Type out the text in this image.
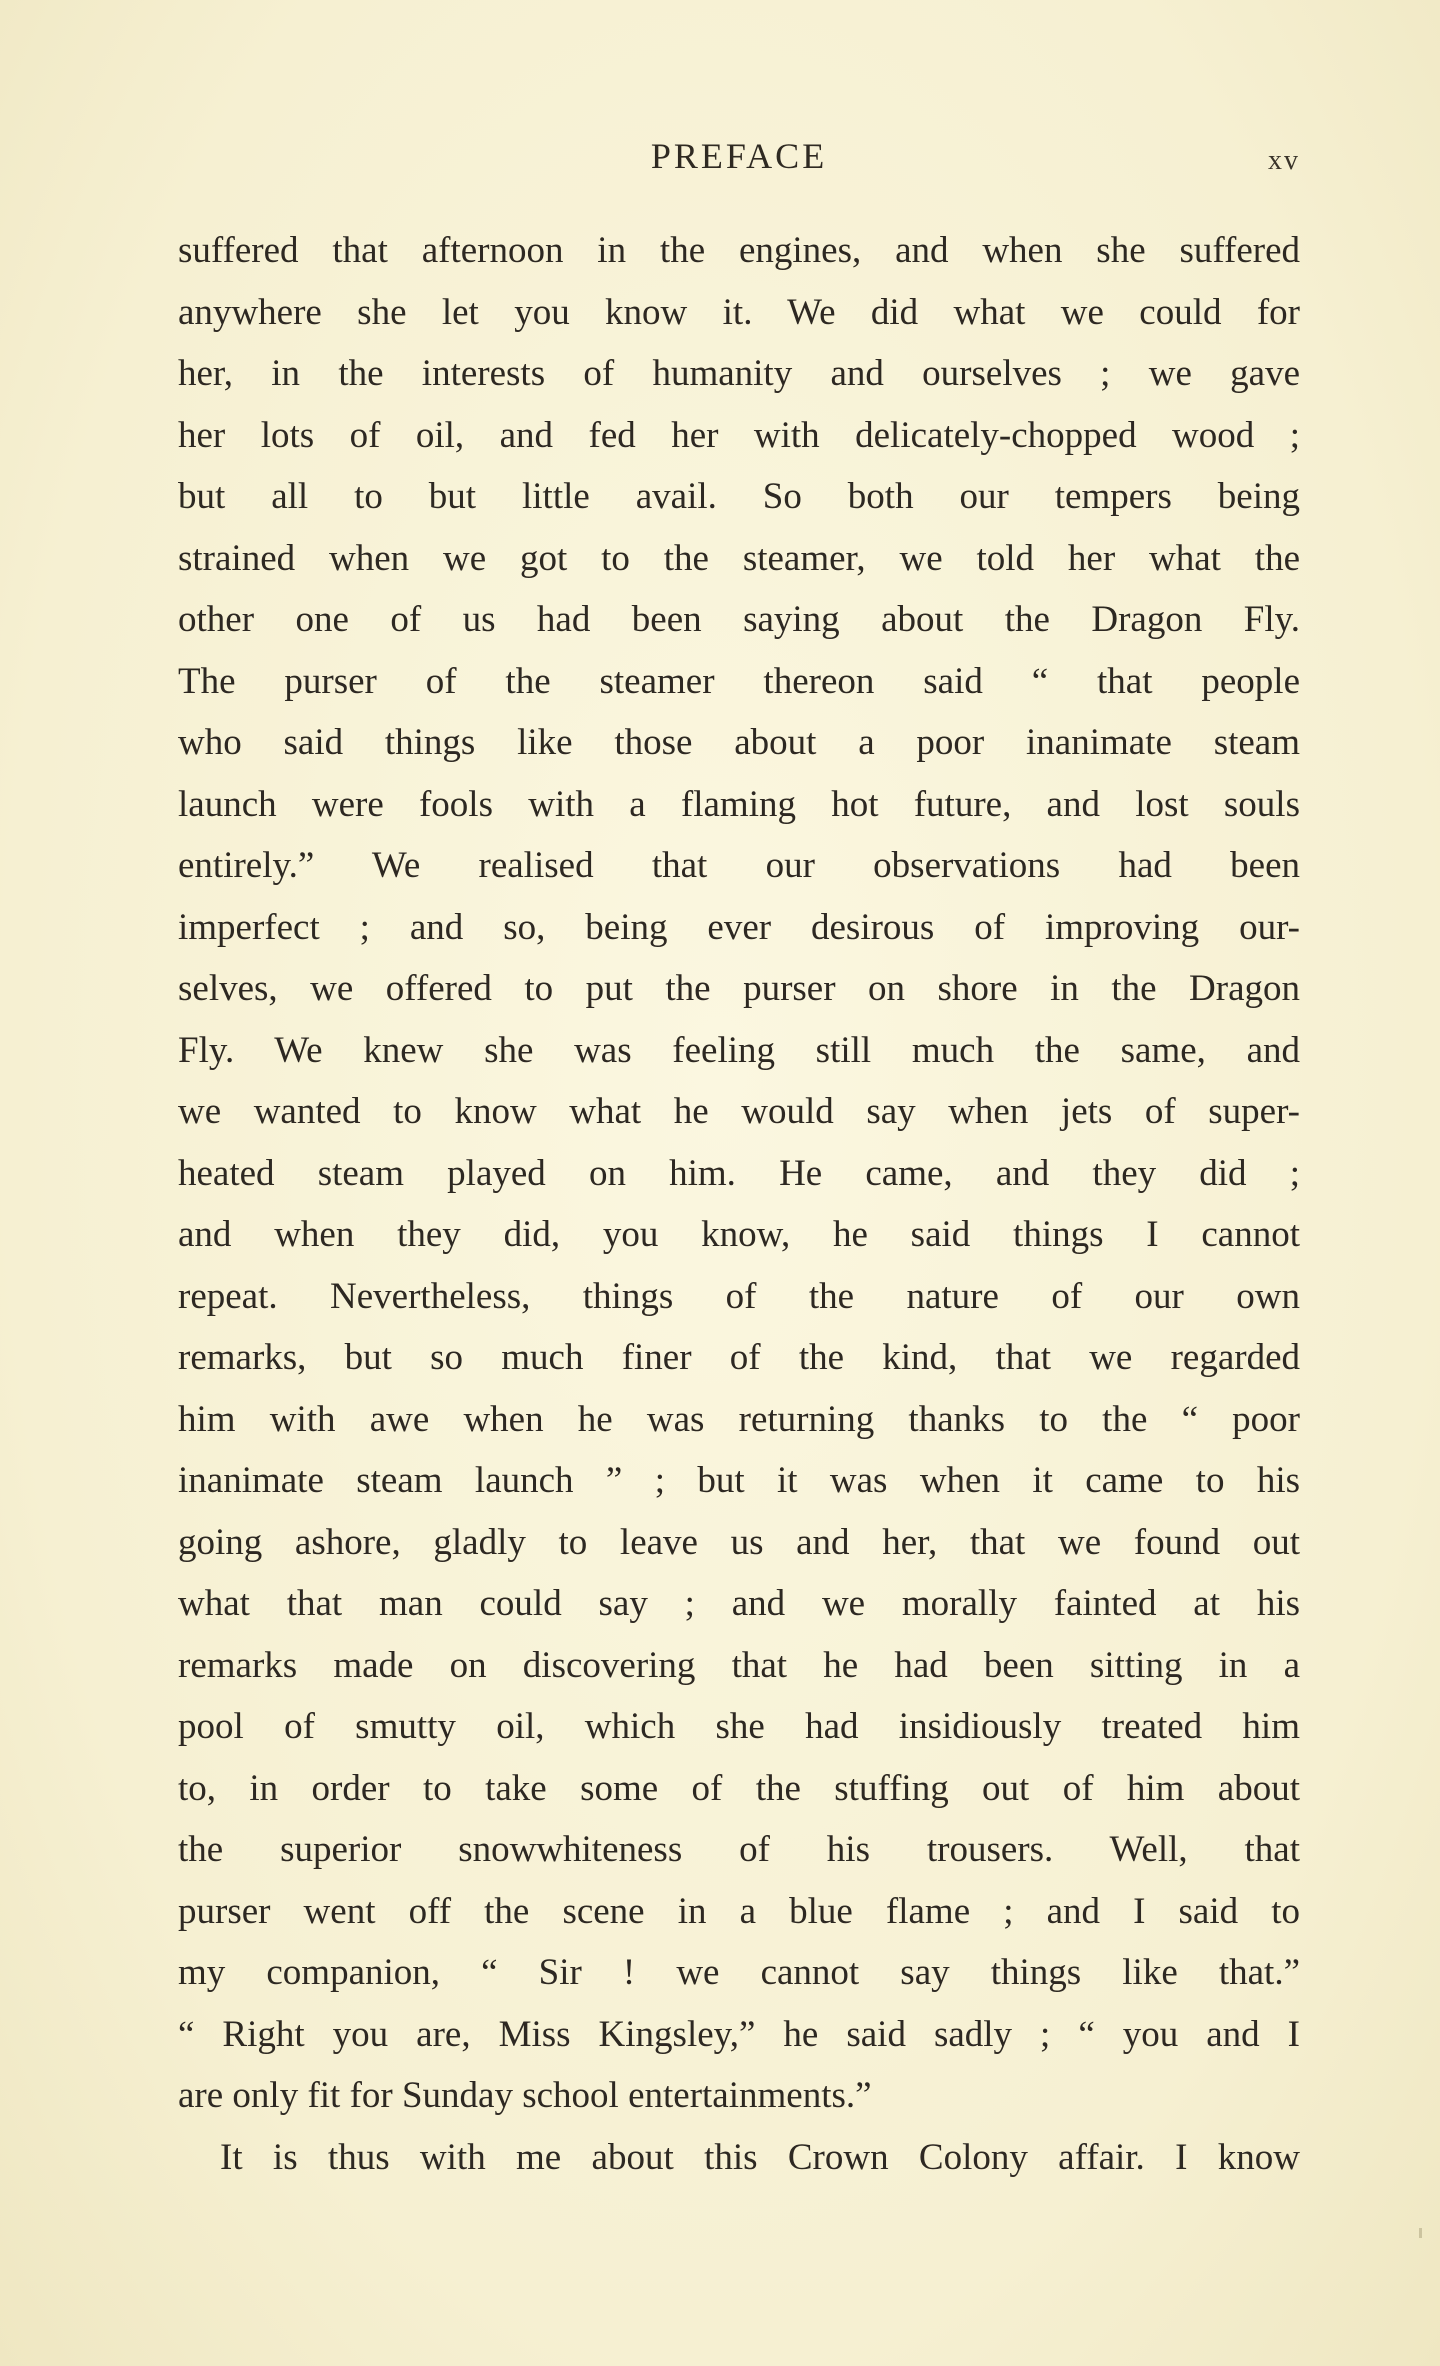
PREFACE	xv
suffered that afternoon in the engines, and when she suffered
anywhere she let you know it. We did what we could for
her, in the interests of humanity and ourselves ; we gave
her lots of oil, and fed her with delicately-chopped wood ;
but all to but little avail. So both our tempers being
strained when we got to the steamer, we told her what the
other one of us had been saying about the Dragon Fly.
The purser of the steamer thereon said “ that people
who said things like those about a poor inanimate steam
launch were fools with a flaming hot future, and lost souls
entirely.” We realised that our observations had been
imperfect ; and so, being ever desirous of improving our-
selves, we offered to put the purser on shore in the Dragon
Fly. We knew she was feeling still much the same, and
we wanted to know what he would say when jets of super-
heated steam played on him. He came, and they did ;
and when they did, you know, he said things I cannot
repeat. Nevertheless, things of the nature of our own
remarks, but so much finer of the kind, that we regarded
him with awe when he was returning thanks to the “ poor
inanimate steam launch ” ; but it was when it came to his
going ashore, gladly to leave us and her, that we found out
what that man could say ; and we morally fainted at his
remarks made on discovering that he had been sitting in a
pool of smutty oil, which she had insidiously treated him
to, in order to take some of the stuffing out of him about
the superior snowwhiteness of his trousers. Well, that
purser went off the scene in a blue flame ; and I said to
my companion, “ Sir ! we cannot say things like that.”
“ Right you are, Miss Kingsley,” he said sadly ; “ you and I
are only fit for Sunday school entertainments.”
It is thus with me about this Crown Colony affair. I know
